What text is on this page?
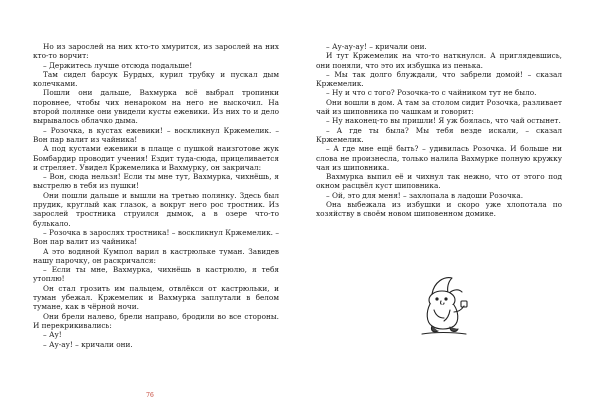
Но из зарослей на них кто-то хмурится, из зарослей на них кто-то ворчит:

– Держитесь лучше отсюда подальше!

Там сидел барсук Бурдых, курил трубку и пускал дым колечками.

Пошли они дальше, Вахмурка всё выбрал тропинки поровнее, чтобы чих ненароком на него не выскочил. На второй полянке они увидели кусты ежевики. Из них то и дело вырывалось облачко дыма.

– Розочка, в кустах ежевики! – воскликнул Кржемелик. – Вон пар валит из чайника!

А под кустами ежевики в плаще с пушкой наизготове жук Бомбардир проводит учения! Ездит туда-сюда, прицеливается и стреляет. Увидел Кржемелика и Вахмурку, он закричал:

– Вон, сюда нельзя! Если ты мне тут, Вахмурка, чихнёшь, я выстрелю в тебя из пушки!

Они пошли дальше и вышли на третью полянку. Здесь был прудик, круглый как глазок, а вокруг него рос тростник. Из зарослей тростника струился дымок, а в озере что-то булькало.

– Розочка в зарослях тростника! – воскликнул Кржемелик. – Вон пар валит из чайника!

А это водяной Кумпол варил в кастрюльке туман. Завидев нашу парочку, он раскричался:

– Если ты мне, Вахмурка, чихнёшь в кастрюлю, я тебя утоплю!

Он стал грозить им пальцем, отвлёкся от кастрюльки, и туман убежал. Кржемелик и Вахмурка заплутали в белом тумане, как в чёрной ночи.

Они брели налево, брели направо, бродили во все стороны. И перекрикивались:

– Ау!

– Ау-ау! – кричали они.

76

– Ау-ау-ау! – кричали они.

И тут Кржемелик на что-то наткнулся. А приглядевшись, они поняли, что это их избушка из пенька.

– Мы так долго блуждали, что забрели домой! – сказал Кржемелик.

– Ну и что с того? Розочка-то с чайником тут не было.

Они вошли в дом. А там за столом сидит Розочка, разливает чай из шиповника по чашкам и говорит:

– Ну наконец-то вы пришли! Я уж боялась, что чай остынет.

– А где ты была? Мы тебя везде искали, – сказал Кржемелик.

– А где мне ещё быть? – удивилась Розочка. И больше ни слова не произнесла, только налила Вахмурке полную кружку чая из шиповника.

Вахмурка выпил её и чихнул так нежно, что от этого под окном расцвёл куст шиповника.

– Ой, это для меня! – захлопала в ладоши Розочка.

Она выбежала из избушки и скоро уже хлопотала по хозяйству в своём новом шиповенном домике.
